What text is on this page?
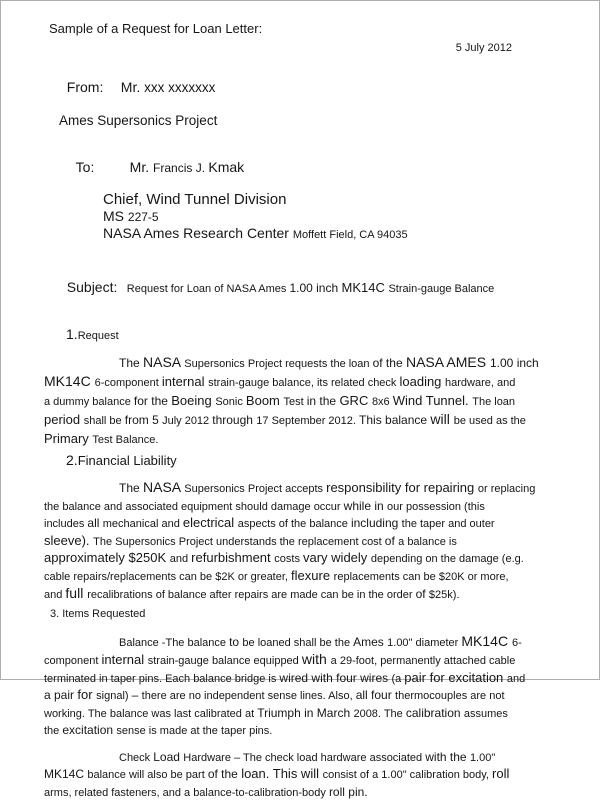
Sample of a Request for Loan Letter:
5 July 2012

From: Mr. xxx xxxxxxx

Ames Supersonics Project

To:	Mr. Francis J. Kmak

Chief, Wind Tunnel Division
MS 227-5
NASA Ames Research Center Moffett Field, CA 94035

Subject: Request for Loan of NASA Ames 1.00 inch MK14C Strain-gauge Balance

1.Request
The NASA Supersonics Project requests the loan of the NASA AMES 1.00 inch
MK14C 6-component internal strain-gauge balance, its related check loading hardware, and
a dummy balance for the Boeing Sonic Boom Test in the GRC 8x6 Wind Tunnel. The loan
period shall be from 5 July 2012 through 17 September 2012. This balance will be used as the
Primary Test Balance.
2.Financial Liability
The NASA Supersonics Project accepts responsibility for repairing or replacing
the balance and associated equipment should damage occur while in our possession (this
includes all mechanical and electrical aspects of the balance including the taper and outer
sleeve). The Supersonics Project understands the replacement cost of a balance is
approximately $250K and refurbishment costs vary widely depending on the damage (e.g.
cable repairs/replacements can be $2K or greater, flexure replacements can be $20K or more,
and full recalibrations of balance after repairs are made can be in the order of $25k).
3. Items Requested
Balance -The balance to be loaned shall be the Ames 1.00" diameter MK14C 6-
component internal strain-gauge balance equipped with a 29-foot, permanently attached cable
terminated in taper pins. Each balance bridge is wired with four wires (a pair for excitation and
a pair for signal) – there are no independent sense lines. Also, all four thermocouples are not
working. The balance was last calibrated at Triumph in March 2008. The calibration assumes
the excitation sense is made at the taper pins.
Check Load Hardware – The check load hardware associated with the 1.00"
MK14C balance will also be part of the loan. This will consist of a 1.00" calibration body, roll
arms, related fasteners, and a balance-to-calibration-body roll pin.
